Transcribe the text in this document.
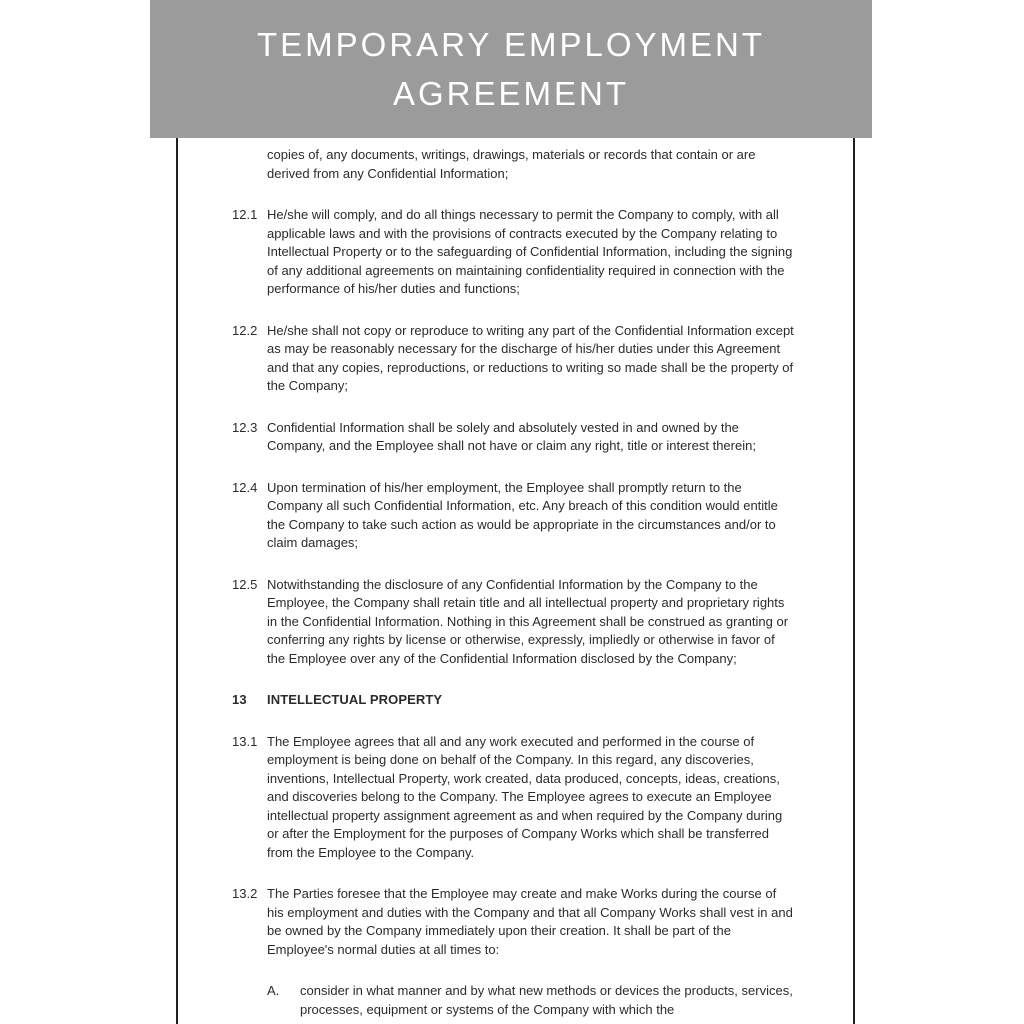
TEMPORARY EMPLOYMENT
AGREEMENT
copies of, any documents, writings, drawings, materials or records that contain or are derived from any Confidential Information;
12.1 He/she will comply, and do all things necessary to permit the Company to comply, with all applicable laws and with the provisions of contracts executed by the Company relating to Intellectual Property or to the safeguarding of Confidential Information, including the signing of any additional agreements on maintaining confidentiality required in connection with the performance of his/her duties and functions;
12.2 He/she shall not copy or reproduce to writing any part of the Confidential Information except as may be reasonably necessary for the discharge of his/her duties under this Agreement and that any copies, reproductions, or reductions to writing so made shall be the property of the Company;
12.3 Confidential Information shall be solely and absolutely vested in and owned by the Company, and the Employee shall not have or claim any right, title or interest therein;
12.4 Upon termination of his/her employment, the Employee shall promptly return to the Company all such Confidential Information, etc. Any breach of this condition would entitle the Company to take such action as would be appropriate in the circumstances and/or to claim damages;
12.5 Notwithstanding the disclosure of any Confidential Information by the Company to the Employee, the Company shall retain title and all intellectual property and proprietary rights in the Confidential Information. Nothing in this Agreement shall be construed as granting or conferring any rights by license or otherwise, expressly, impliedly or otherwise in favor of the Employee over any of the Confidential Information disclosed by the Company;
13	INTELLECTUAL PROPERTY
13.1 The Employee agrees that all and any work executed and performed in the course of employment is being done on behalf of the Company. In this regard, any discoveries, inventions, Intellectual Property, work created, data produced, concepts, ideas, creations, and discoveries belong to the Company. The Employee agrees to execute an Employee intellectual property assignment agreement as and when required by the Company during or after the Employment for the purposes of Company Works which shall be transferred from the Employee to the Company.
13.2 The Parties foresee that the Employee may create and make Works during the course of his employment and duties with the Company and that all Company Works shall vest in and be owned by the Company immediately upon their creation. It shall be part of the Employee's normal duties at all times to:
A.	consider in what manner and by what new methods or devices the products, services, processes, equipment or systems of the Company with which the
